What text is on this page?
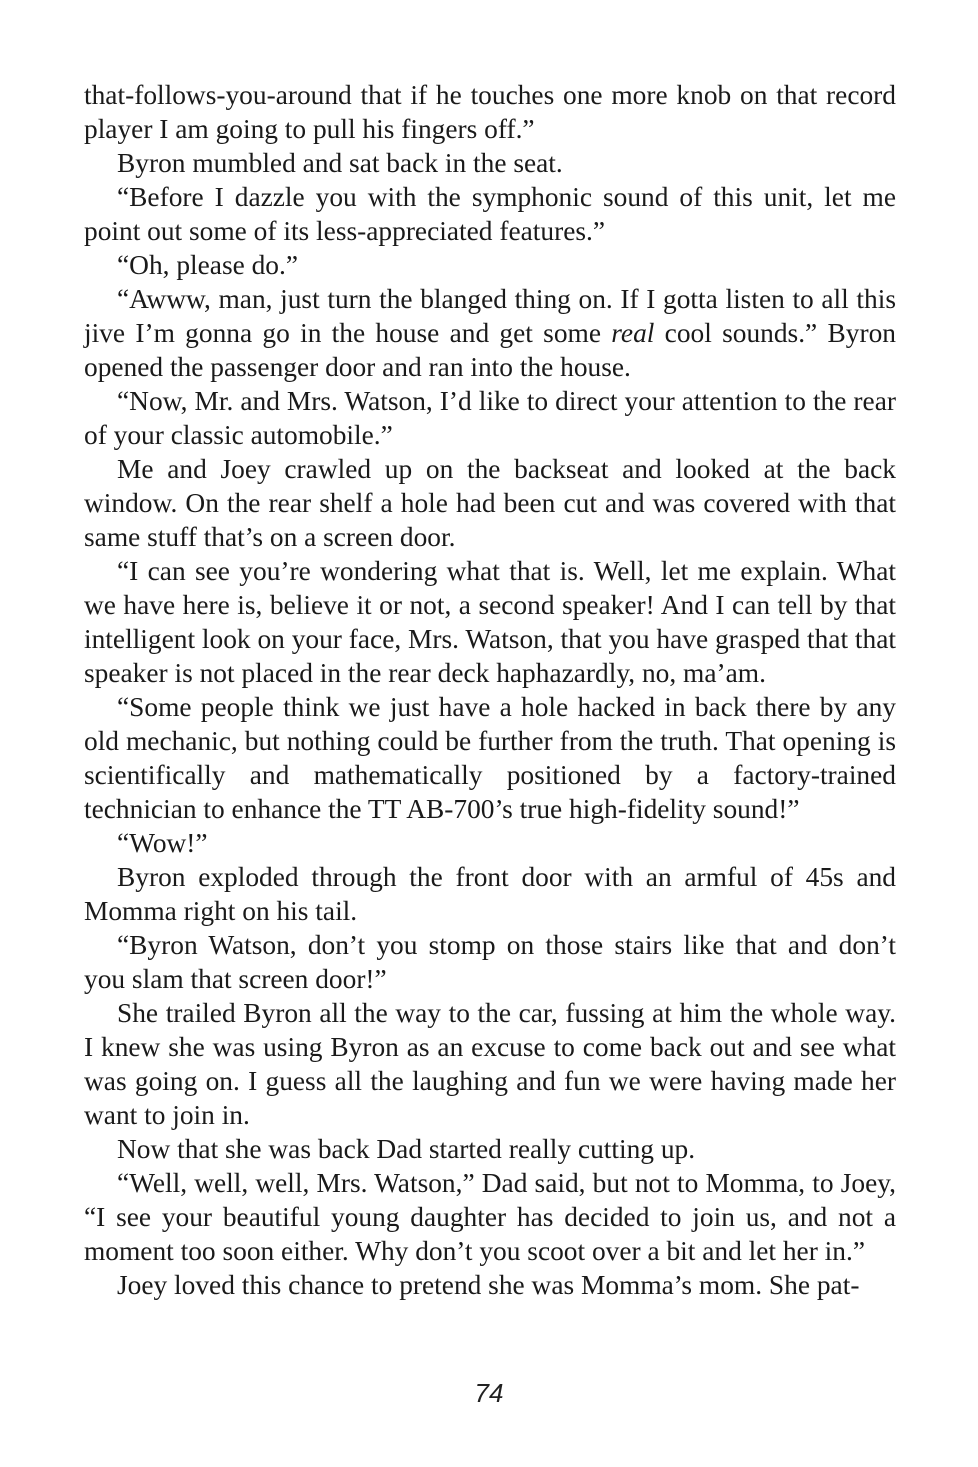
that-follows-you-around that if he touches one more knob on that record player I am going to pull his fingers off.”

Byron mumbled and sat back in the seat.

“Before I dazzle you with the symphonic sound of this unit, let me point out some of its less-appreciated features.”

“Oh, please do.”

“Awww, man, just turn the blanged thing on. If I gotta listen to all this jive I’m gonna go in the house and get some real cool sounds.” Byron opened the passenger door and ran into the house.

“Now, Mr. and Mrs. Watson, I’d like to direct your attention to the rear of your classic automobile.”

Me and Joey crawled up on the backseat and looked at the back window. On the rear shelf a hole had been cut and was covered with that same stuff that’s on a screen door.

“I can see you’re wondering what that is. Well, let me explain. What we have here is, believe it or not, a second speaker! And I can tell by that intelligent look on your face, Mrs. Watson, that you have grasped that that speaker is not placed in the rear deck haphazardly, no, ma’am.

“Some people think we just have a hole hacked in back there by any old mechanic, but nothing could be further from the truth. That opening is scientifically and mathematically positioned by a factory-trained technician to enhance the TT AB-700’s true high-fidelity sound!”

“Wow!”

Byron exploded through the front door with an armful of 45s and Momma right on his tail.

“Byron Watson, don’t you stomp on those stairs like that and don’t you slam that screen door!”

She trailed Byron all the way to the car, fussing at him the whole way. I knew she was using Byron as an excuse to come back out and see what was going on. I guess all the laughing and fun we were having made her want to join in.

Now that she was back Dad started really cutting up.

“Well, well, well, Mrs. Watson,” Dad said, but not to Momma, to Joey, “I see your beautiful young daughter has decided to join us, and not a moment too soon either. Why don’t you scoot over a bit and let her in.”

Joey loved this chance to pretend she was Momma’s mom. She pat-

74
